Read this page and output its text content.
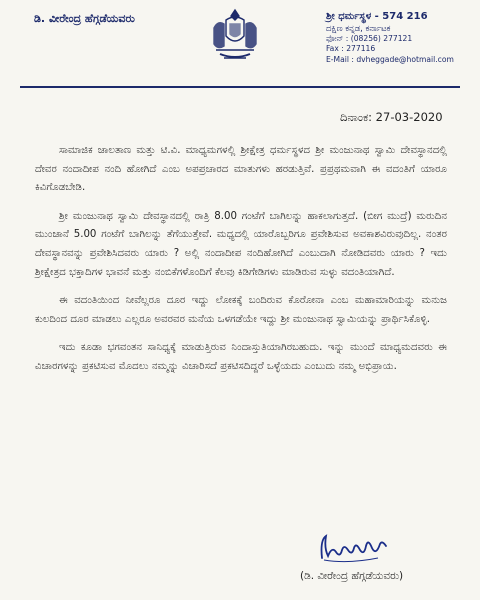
ಡಿ. ವೀರೇಂದ್ರ ಹೆಗ್ಗಡೆಯವರು	ಶ್ರೀ ಧರ್ಮಸ್ಥಳ - 574 216
ದಕ್ಷಿಣ ಕನ್ನಡ, ಕರ್ನಾಟಕ
ಫೋನ್ : (08256) 277121
Fax : 277116
E-Mail : dvheggade@hotmail.com
ದಿನಾಂಕ: 27-03-2020

ಸಾಮಾಜಿಕ ಜಾಲತಾಣ ಮತ್ತು ಟಿ.ವಿ. ಮಾಧ್ಯಮಗಳಲ್ಲಿ ಶ್ರೀಕ್ಷೇತ್ರ ಧರ್ಮಸ್ಥಳದ ಶ್ರೀ ಮಂಜುನಾಥ ಸ್ವಾಮಿ ದೇವಸ್ಥಾನದಲ್ಲಿ ದೇವರ ನಂದಾದೀಪ ನಂದಿ ಹೋಗಿದೆ ಎಂಬ ಅಪಪ್ರಚಾರದ ಮಾತುಗಳು ಹರಡುತ್ತಿವೆ. ಪ್ರಪ್ರಥಮವಾಗಿ ಈ ವದಂತಿಗೆ ಯಾರೂ ಕಿವಿಗೊಡಬೇಡಿ.

ಶ್ರೀ ಮಂಜುನಾಥ ಸ್ವಾಮಿ ದೇವಸ್ಥಾನದಲ್ಲಿ ರಾತ್ರಿ 8.00 ಗಂಟೆಗೆ ಬಾಗಿಲನ್ನು ಹಾಕಲಾಗುತ್ತದೆ. (ಬೀಗ ಮುದ್ರೆ) ಮರುದಿನ ಮುಂಜಾನೆ 5.00 ಗಂಟೆಗೆ ಬಾಗಿಲನ್ನು ತೆಗೆಯುತ್ತೇವೆ. ಮಧ್ಯದಲ್ಲಿ ಯಾರೊಬ್ಬರಿಗೂ ಪ್ರವೇಶಿಸುವ ಅವಕಾಶವಿರುವುದಿಲ್ಲ. ನಂತರ ದೇವಸ್ಥಾನವನ್ನು ಪ್ರವೇಶಿಸಿದವರು ಯಾರು ? ಅಲ್ಲಿ ನಂದಾದೀಪ ನಂದಿಹೋಗಿದೆ ಎಂಬುದಾಗಿ ನೋಡಿದವರು ಯಾರು ? ಇದು ಶ್ರೀಕ್ಷೇತ್ರದ ಭಕ್ತಾದಿಗಳ ಭಾವನೆ ಮತ್ತು ನಂಬಿಕೆಗಳೊಂದಿಗೆ ಕೆಲವು ಕಿಡಿಗೇಡಿಗಳು ಮಾಡಿರುವ ಸುಳ್ಳು ವದಂತಿಯಾಗಿದೆ.

ಈ ವದಂತಿಯಿಂದ ನೀವೆಲ್ಲರೂ ದೂರ ಇದ್ದು ಲೋಕಕ್ಕೆ ಬಂದಿರುವ ಕೊರೋನಾ ಎಂಬ ಮಹಾಮಾರಿಯನ್ನು ಮನುಜ ಕುಲದಿಂದ ದೂರ ಮಾಡಲು ಎಲ್ಲರೂ ಅವರವರ ಮನೆಯ ಒಳಗಡೆಯೇ ಇದ್ದು ಶ್ರೀ ಮಂಜುನಾಥ ಸ್ವಾಮಿಯನ್ನು ಪ್ರಾರ್ಥಿಸಿಕೊಳ್ಳಿ.

ಇದು ಕೂಡಾ ಭಗವಂತನ ಸಾನಿಧ್ಯಕ್ಕೆ ಮಾಡುತ್ತಿರುವ ನಿಂದಾಸ್ತುತಿಯಾಗಿರಬಹುದು. ಇನ್ನು ಮುಂದೆ ಮಾಧ್ಯಮದವರು ಈ ವಿಚಾರಗಳನ್ನು ಪ್ರಕಟಿಸುವ ಮೊದಲು ನಮ್ಮನ್ನು ವಿಚಾರಿಸದೆ ಪ್ರಕಟಿಸದಿದ್ದರೆ ಒಳ್ಳೆಯದು ಎಂಬುದು ನಮ್ಮ ಅಭಿಪ್ರಾಯ.

(ಡಿ. ವೀರೇಂದ್ರ ಹೆಗ್ಗಡೆಯವರು)
